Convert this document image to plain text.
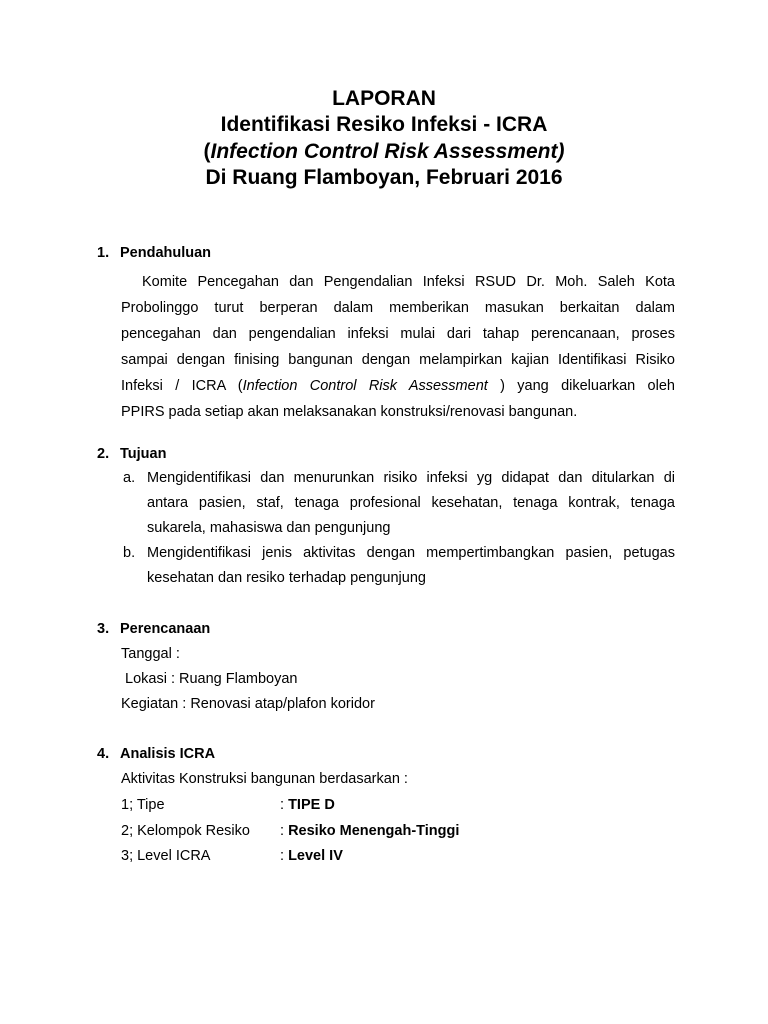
LAPORAN
Identifikasi Resiko Infeksi - ICRA
(Infection Control Risk Assessment)
Di Ruang Flamboyan, Februari 2016
1. Pendahuluan
Komite Pencegahan dan Pengendalian Infeksi RSUD Dr. Moh. Saleh Kota
Probolinggo turut berperan dalam memberikan masukan berkaitan dalam
pencegahan dan pengendalian infeksi mulai dari tahap perencanaan, proses
sampai dengan finising bangunan dengan melampirkan kajian Identifikasi Risiko
Infeksi / ICRA (Infection Control Risk Assessment ) yang dikeluarkan oleh
PPIRS pada setiap akan melaksanakan konstruksi/renovasi bangunan.
2. Tujuan
a. Mengidentifikasi dan menurunkan risiko infeksi yg didapat dan ditularkan di
antara pasien, staf, tenaga profesional kesehatan, tenaga kontrak, tenaga
sukarela, mahasiswa dan pengunjung
b. Mengidentifikasi jenis aktivitas dengan mempertimbangkan pasien, petugas
kesehatan dan resiko terhadap pengunjung
3. Perencanaan
Tanggal :
Lokasi : Ruang Flamboyan
Kegiatan : Renovasi atap/plafon koridor
4. Analisis ICRA
Aktivitas Konstruksi bangunan berdasarkan :
1; Tipe	: TIPE D
2; Kelompok Resiko : Resiko Menengah-Tinggi
3; Level ICRA	: Level IV
